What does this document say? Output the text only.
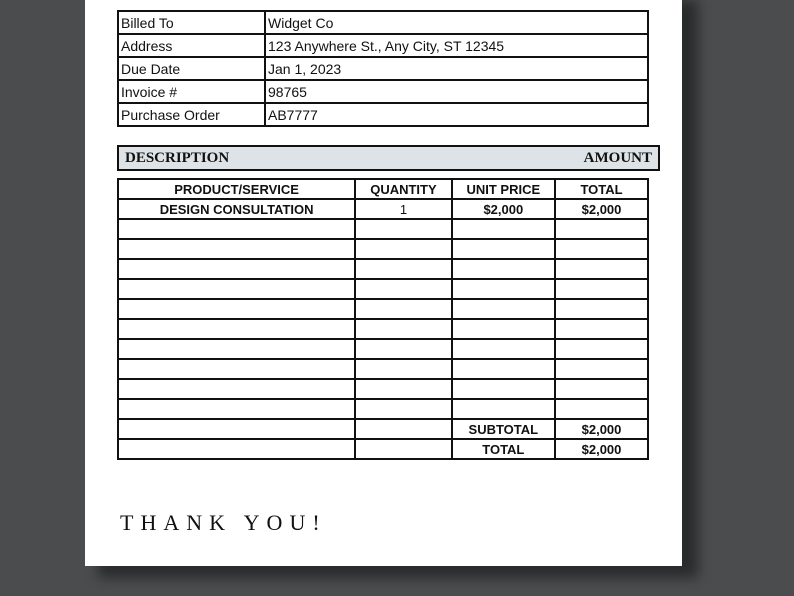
Billed To	Widget Co
Address	123 Anywhere St., Any City, ST 12345
Due Date	Jan 1, 2023
Invoice #	98765
Purchase Order	AB7777
DESCRIPTION	AMOUNT
PRODUCT/SERVICE	QUANTITY	UNIT PRICE	TOTAL
DESIGN CONSULTATION	1	$2,000	$2,000

		SUBTOTAL	$2,000
		TOTAL	$2,000
THANK YOU!
